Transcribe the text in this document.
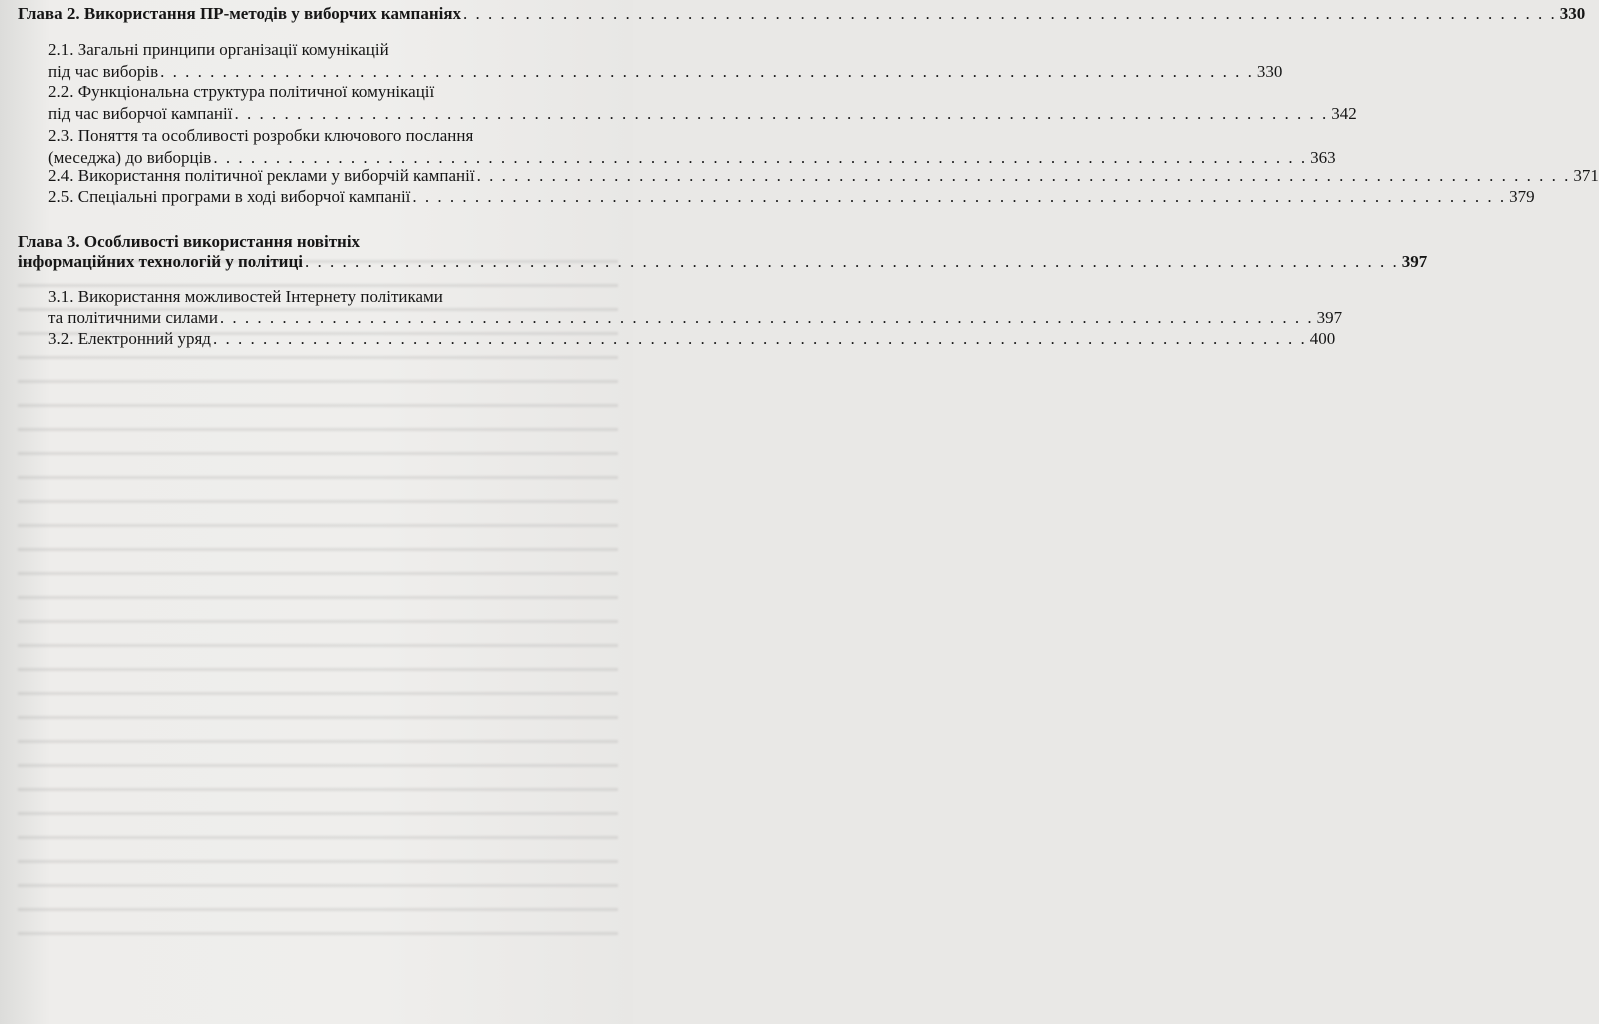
Глава 2. Використання ПР-методів у виборчих кампаніях . . . . . . . . . . . . . . . . . . . . . . . . . . . . . . . . . . . . . . . . . . . . . . . . . . . . . . . . . . . . . . . . . . . . . . . . . . . . . . . . . . . . . . . . 330
2.1. Загальні принципи організації комунікацій
під час виборів . . . . . . . . . . . . . . . . . . . . . . . . . . . . . . . . . . . . . . . . . . . . . . . . . . . . . . . . . . . . . . . . . . . . . . . . . . . . . . . . . . . . . . . . 330
2.2. Функціональна структура політичної комунікації
під час виборчої кампанії . . . . . . . . . . . . . . . . . . . . . . . . . . . . . . . . . . . . . . . . . . . . . . . . . . . . . . . . . . . . . . . . . . . . . . . . . . . . . . . . . . . . . . . . 342
2.3. Поняття та особливості розробки ключового послання
(меседжа) до виборців . . . . . . . . . . . . . . . . . . . . . . . . . . . . . . . . . . . . . . . . . . . . . . . . . . . . . . . . . . . . . . . . . . . . . . . . . . . . . . . . . . . . . . . . 363
2.4. Використання політичної реклами у виборчій кампанії . . . . . . . . . . . . . . . . . . . . . . . . . . . . . . . . . . . . . . . . . . . . . . . . . . . . . . . . . . . . . . . . . . . . . . . . . . . . . . . . . . . . . . . . 371
2.5. Спеціальні програми в ході виборчої кампанії . . . . . . . . . . . . . . . . . . . . . . . . . . . . . . . . . . . . . . . . . . . . . . . . . . . . . . . . . . . . . . . . . . . . . . . . . . . . . . . . . . . . . . . . 379
Глава 3. Особливості використання новітніх
інформаційних технологій у політиці . . . . . . . . . . . . . . . . . . . . . . . . . . . . . . . . . . . . . . . . . . . . . . . . . . . . . . . . . . . . . . . . . . . . . . . . . . . . . . . . . . . . . . . . 397
3.1. Використання можливостей Інтернету політиками
та політичними силами . . . . . . . . . . . . . . . . . . . . . . . . . . . . . . . . . . . . . . . . . . . . . . . . . . . . . . . . . . . . . . . . . . . . . . . . . . . . . . . . . . . . . . . . 397
3.2. Електронний уряд . . . . . . . . . . . . . . . . . . . . . . . . . . . . . . . . . . . . . . . . . . . . . . . . . . . . . . . . . . . . . . . . . . . . . . . . . . . . . . . . . . . . . . . . 400
